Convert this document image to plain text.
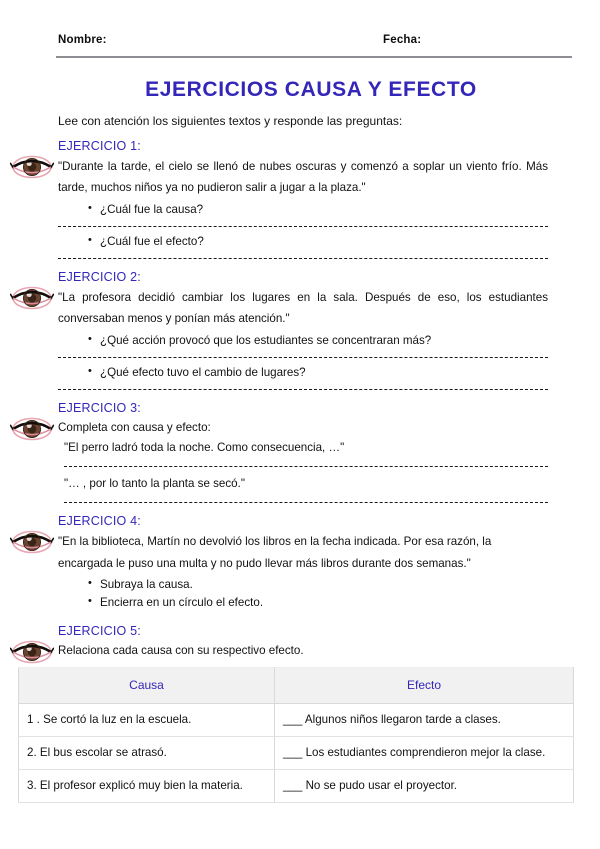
Nombre:	Fecha:
EJERCICIOS CAUSA Y EFECTO
Lee con atención los siguientes textos y responde las preguntas:
EJERCICIO 1:

"Durante la tarde, el cielo se llenó de nubes oscuras y comenzó a soplar un viento frío. Más tarde, muchos niños ya no pudieron salir a jugar a la plaza."

• ¿Cuál fue la causa?
• ¿Cuál fue el efecto?
EJERCICIO 2:

"La profesora decidió cambiar los lugares en la sala. Después de eso, los estudiantes conversaban menos y ponían más atención."

• ¿Qué acción provocó que los estudiantes se concentraran más?
• ¿Qué efecto tuvo el cambio de lugares?
EJERCICIO 3:

Completa con causa y efecto:

"El perro ladró toda la noche. Como consecuencia, …"

"… , por lo tanto la planta se secó."

EJERCICIO 4:

"En la biblioteca, Martín no devolvió los libros en la fecha indicada. Por esa razón, la encargada le puso una multa y no pudo llevar más libros durante dos semanas."

• Subraya la causa.
• Encierra en un círculo el efecto.
EJERCICIO 5:

Relaciona cada causa con su respectivo efecto.

Causa	Efecto
1 . Se cortó la luz en la escuela.	___ Algunos niños llegaron tarde a clases.
2. El bus escolar se atrasó.	___ Los estudiantes comprendieron mejor la clase.
3. El profesor explicó muy bien la materia.	___ No se pudo usar el proyector.
